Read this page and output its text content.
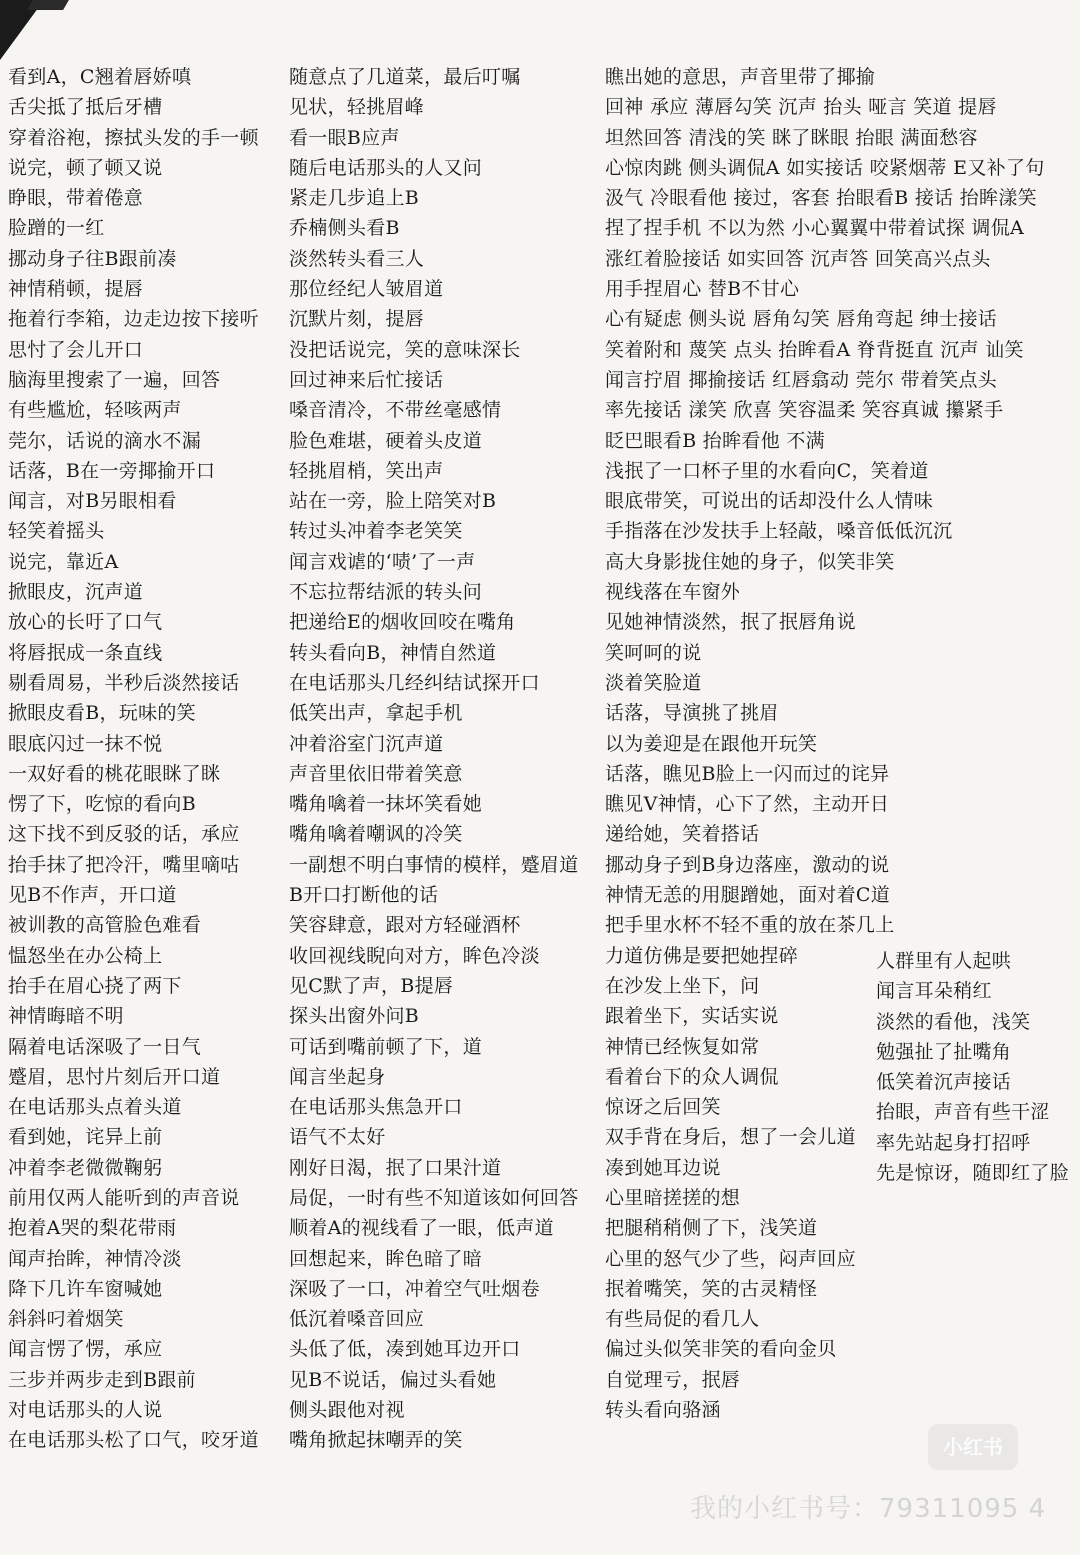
看到A，C翘着唇娇嗔
舌尖抵了抵后牙槽
穿着浴袍，擦拭头发的手一顿
说完，顿了顿又说
睁眼，带着倦意
脸蹭的一红
挪动身子往B跟前凑
神情稍顿，提唇
拖着行李箱，边走边按下接听
思忖了会儿开口
脑海里搜索了一遍，回答
有些尴尬，轻咳两声
莞尔，话说的滴水不漏
话落，B在一旁揶揄开口
闻言，对B另眼相看
轻笑着摇头
说完，靠近A
掀眼皮，沉声道
放心的长吁了口气
将唇抿成一条直线
剔看周易，半秒后淡然接话
掀眼皮看B，玩味的笑
眼底闪过一抹不悦
一双好看的桃花眼眯了眯
愣了下，吃惊的看向B
这下找不到反驳的话，承应
抬手抹了把冷汗，嘴里嘀咕
见B不作声，开口道
被训教的高管脸色难看
愠怒坐在办公椅上
抬手在眉心挠了两下
神情晦暗不明
隔着电话深吸了一日气
蹙眉，思忖片刻后开口道
在电话那头点着头道
看到她，诧异上前
冲着李老微微鞠躬
前用仅两人能听到的声音说
抱着A哭的梨花带雨
闻声抬眸，神情冷淡
降下几许车窗喊她
斜斜叼着烟笑
闻言愣了愣，承应
三步并两步走到B跟前
对电话那头的人说
在电话那头松了口气，咬牙道
随意点了几道菜，最后叮嘱
见状，轻挑眉峰
看一眼B应声
随后电话那头的人又问
紧走几步追上B
乔楠侧头看B
淡然转头看三人
那位经纪人皱眉道
沉默片刻，提唇
没把话说完，笑的意味深长
回过神来后忙接话
嗓音清冷，不带丝毫感情
脸色难堪，硬着头皮道
轻挑眉梢，笑出声
站在一旁，脸上陪笑对B
转过头冲着李老笑笑
闻言戏谑的‘啧’了一声
不忘拉帮结派的转头问
把递给E的烟收回咬在嘴角
转头看向B，神情自然道
在电话那头几经纠结试探开口
低笑出声，拿起手机
冲着浴室门沉声道
声音里依旧带着笑意
嘴角噙着一抹坏笑看她
嘴角噙着嘲讽的冷笑
一副想不明白事情的模样，蹙眉道
B开口打断他的话
笑容肆意，跟对方轻碰酒杯
收回视线睨向对方，眸色冷淡
见C默了声，B提唇
探头出窗外问B
可话到嘴前顿了下，道
闻言坐起身
在电话那头焦急开口
语气不太好
刚好日渴，抿了口果汁道
局促，一时有些不知道该如何回答
顺着A的视线看了一眼，低声道
回想起来，眸色暗了暗
深吸了一口，冲着空气吐烟卷
低沉着嗓音回应
头低了低，凑到她耳边开口
见B不说话，偏过头看她
侧头跟他对视
嘴角掀起抹嘲弄的笑
瞧出她的意思，声音里带了揶揄
回神 承应 薄唇勾笑 沉声 抬头 哑言 笑道 提唇
坦然回答 清浅的笑 眯了眯眼 抬眼 满面愁容
心惊肉跳 侧头调侃A 如实接话 咬紧烟蒂 E又补了句
汲气 冷眼看他 接过，客套 抬眼看B 接话 抬眸漾笑
捏了捏手机 不以为然 小心翼翼中带着试探 调侃A
涨红着脸接话 如实回答 沉声答 回笑高兴点头
用手捏眉心 替B不甘心
心有疑虑 侧头说 唇角勾笑 唇角弯起 绅士接话
笑着附和 蔑笑 点头 抬眸看A 脊背挺直 沉声 讪笑
闻言拧眉 揶揄接话 红唇翕动 莞尔 带着笑点头
率先接话 漾笑 欣喜 笑容温柔 笑容真诚 攥紧手
眨巴眼看B 抬眸看他 不满
浅抿了一口杯子里的水看向C，笑着道
眼底带笑，可说出的话却没什么人情味
手指落在沙发扶手上轻敲，嗓音低低沉沉
高大身影拢住她的身子，似笑非笑
视线落在车窗外
见她神情淡然，抿了抿唇角说
笑呵呵的说
淡着笑脸道
话落，导演挑了挑眉
以为姜迎是在跟他开玩笑
话落，瞧见B脸上一闪而过的诧异
瞧见V神情，心下了然，主动开日
递给她，笑着搭话
挪动身子到B身边落座，激动的说
神情无恙的用腿蹭她，面对着C道
把手里水杯不轻不重的放在茶几上
力道仿佛是要把她捏碎
在沙发上坐下，问
跟着坐下，实话实说
神情已经恢复如常
看着台下的众人调侃
惊讶之后回笑
双手背在身后，想了一会儿道
凑到她耳边说
心里暗搓搓的想
把腿稍稍侧了下，浅笑道
心里的怒气少了些，闷声回应
抿着嘴笑，笑的古灵精怪
有些局促的看几人
偏过头似笑非笑的看向金贝
自觉理亏，抿唇
转头看向骆涵
人群里有人起哄
闻言耳朵稍红
淡然的看他，浅笑
勉强扯了扯嘴角
低笑着沉声接话
抬眼，声音有些干涩
率先站起身打招呼
先是惊讶，随即红了脸
小红书
我的小红书号：79311095 4
